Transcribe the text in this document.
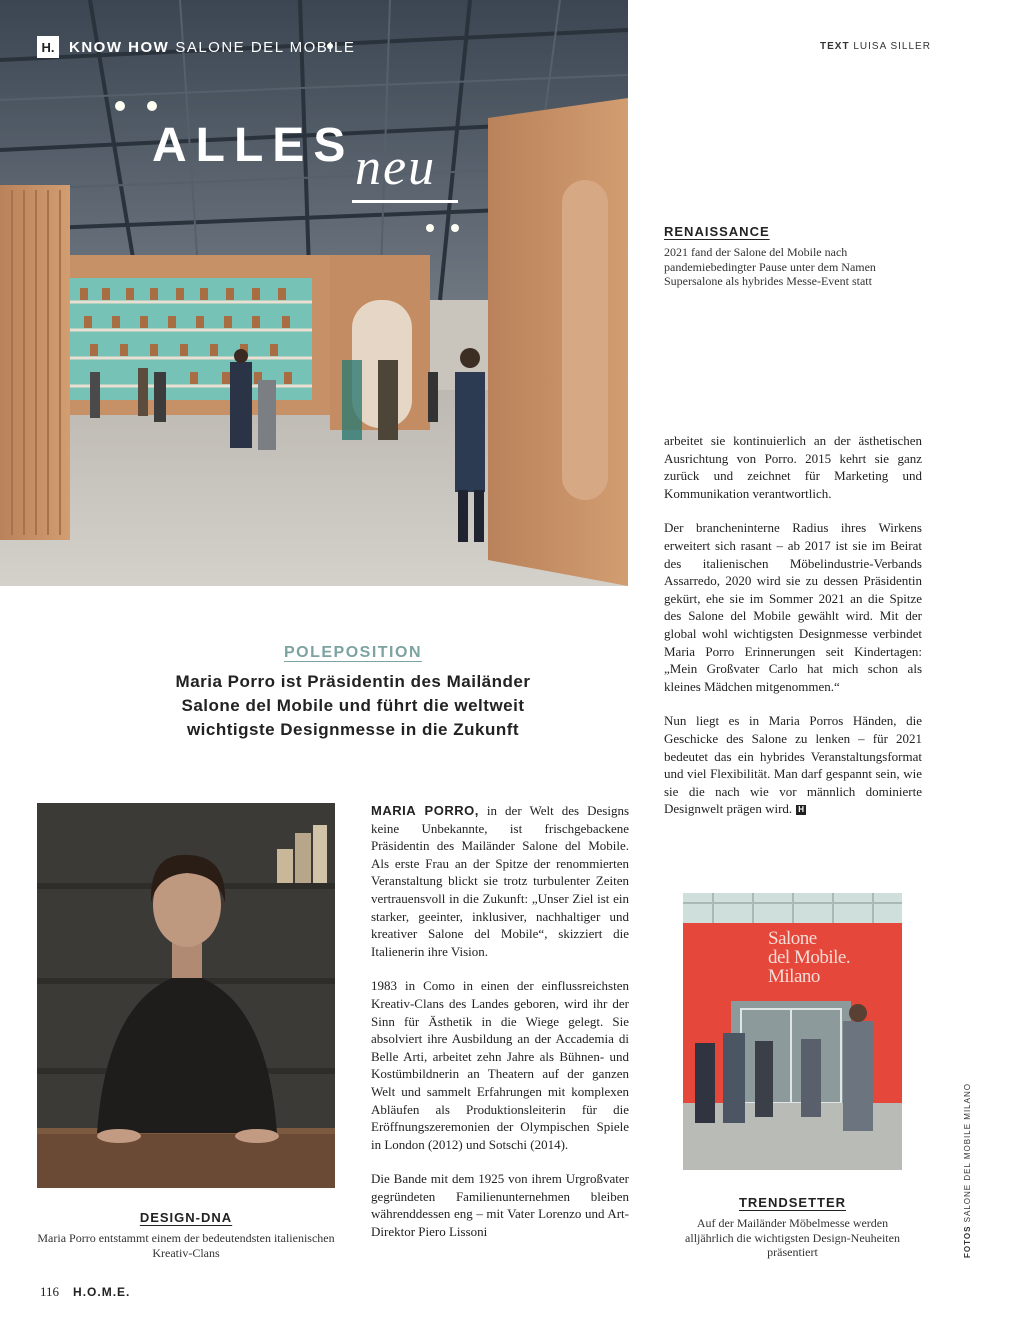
H. KNOW HOW SALONE DEL MOBILE
ALLES neu
TEXT LUISA SILLER
RENAISSANCE
2021 fand der Salone del Mobile nach pandemiebedingter Pause unter dem Namen Supersalone als hybrides Messe-Event statt

arbeitet sie kontinuierlich an der ästhetischen Ausrichtung von Porro. 2015 kehrt sie ganz zurück und zeichnet für Marketing und Kommunikation verantwortlich.

Der brancheninterne Radius ihres Wirkens erweitert sich rasant – ab 2017 ist sie im Beirat des italienischen Möbelindustrie-Verbands Assarredo, 2020 wird sie zu dessen Präsidentin gekürt, ehe sie im Sommer 2021 an die Spitze des Salone del Mobile gewählt wird. Mit der global wohl wichtigsten Designmesse verbindet Maria Porro Erinnerungen seit Kindertagen: „Mein Großvater Carlo hat mich schon als kleines Mädchen mitgenommen.“

Nun liegt es in Maria Porros Händen, die Geschicke des Salone zu lenken – für 2021 bedeutet das ein hybrides Veranstaltungsformat und viel Flexibilität. Man darf gespannt sein, wie sie die nach wie vor männlich dominierte Designwelt prägen wird. H

POLEPOSITION
Maria Porro ist Präsidentin des Mailänder Salone del Mobile und führt die weltweit wichtigste Designmesse in die Zukunft
DESIGN-DNA
Maria Porro entstammt einem der bedeutendsten italienischen Kreativ-Clans

MARIA PORRO, in der Welt des Designs keine Unbekannte, ist frischgebackene Präsidentin des Mailänder Salone del Mobile. Als erste Frau an der Spitze der renommierten Veranstaltung blickt sie trotz turbulenter Zeiten vertrauensvoll in die Zukunft: „Unser Ziel ist ein starker, geeinter, inklusiver, nachhaltiger und kreativer Salone del Mobile“, skizziert die Italienerin ihre Vision.

1983 in Como in einen der einflussreichsten Kreativ-Clans des Landes geboren, wird ihr der Sinn für Ästhetik in die Wiege gelegt. Sie absolviert ihre Ausbildung an der Accademia di Belle Arti, arbeitet zehn Jahre als Bühnen- und Kostümbildnerin an Theatern auf der ganzen Welt und sammelt Erfahrungen mit komplexen Abläufen als Produktionsleiterin für die Eröffnungszeremonien der Olympischen Spiele in London (2012) und Sotschi (2014).

Die Bande mit dem 1925 von ihrem Urgroßvater gegründeten Familienunternehmen bleiben währenddessen eng – mit Vater Lorenzo und Art-Direktor Piero Lissoni

Salone
del Mobile.
Milano
TRENDSETTER
Auf der Mailänder Möbelmesse werden alljährlich die wichtigsten Design-Neuheiten präsentiert	FOTOS SALONE DEL MOBILE MILANO
116 H.O.M.E.
